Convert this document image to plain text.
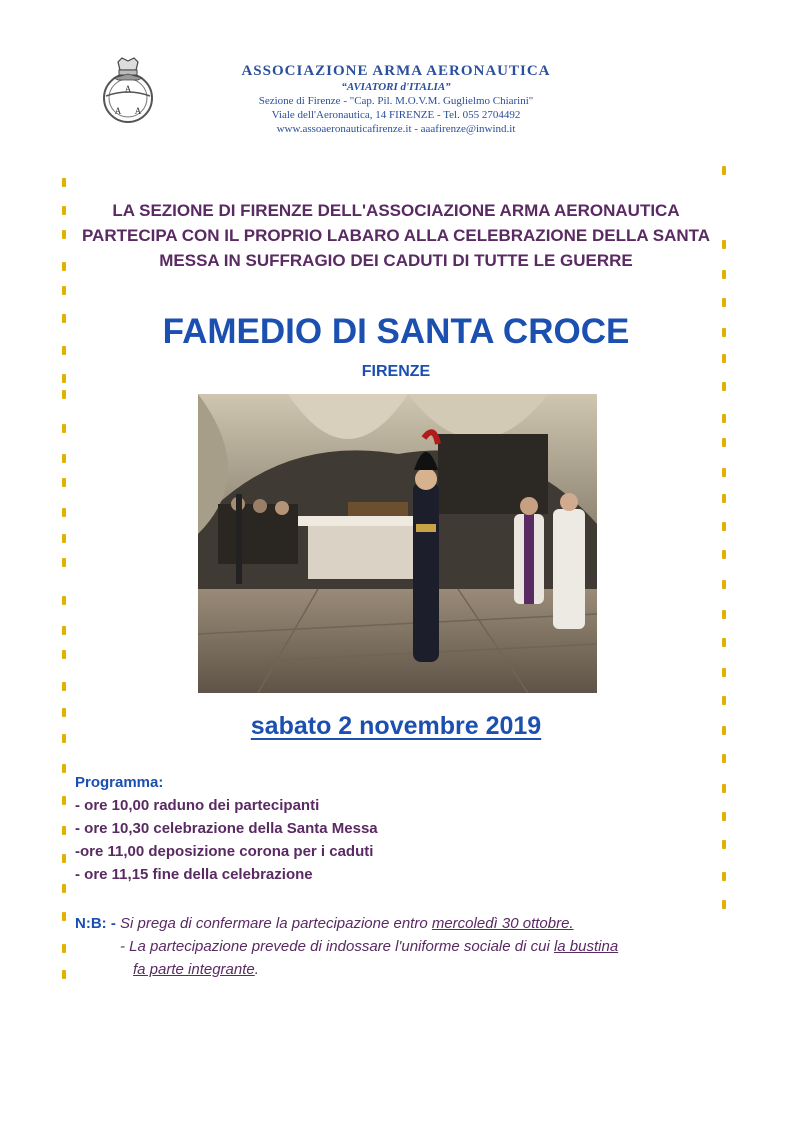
A
A A
ASSOCIAZIONE ARMA AERONAUTICA
“AVIATORI d'ITALIA”
Sezione di Firenze - "Cap. Pil. M.O.V.M. Guglielmo Chiarini"
Viale dell'Aeronautica, 14 FIRENZE - Tel. 055 2704492
www.assoaeronauticafirenze.it - aaafirenze@inwind.it
LA SEZIONE DI FIRENZE DELL'ASSOCIAZIONE ARMA AERONAUTICA
PARTECIPA CON IL PROPRIO LABARO ALLA CELEBRAZIONE DELLA SANTA
MESSA IN SUFFRAGIO DEI CADUTI DI TUTTE LE GUERRE
FAMEDIO DI SANTA CROCE
FIRENZE
sabato 2 novembre 2019
Programma:
- ore 10,00 raduno dei partecipanti
- ore 10,30 celebrazione della Santa Messa
-ore 11,00 deposizione corona per i caduti
- ore 11,15 fine della celebrazione
N:B: - Si prega di confermare la partecipazione entro mercoledì 30 ottobre.
- La partecipazione prevede di indossare l'uniforme sociale di cui la bustina
fa parte integrante.
